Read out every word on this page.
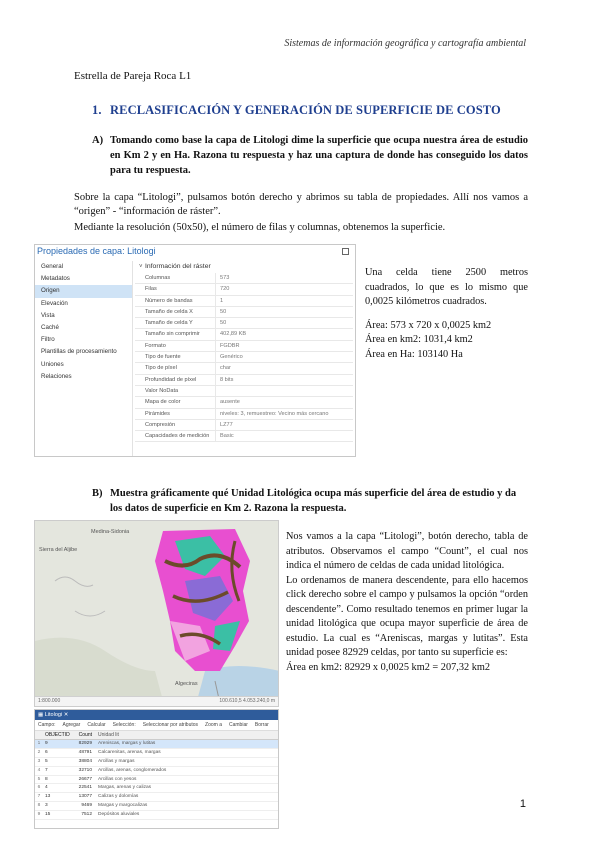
Sistemas de información geográfica y cartografía ambiental
Estrella de Pareja Roca L1
1. RECLASIFICACIÓN Y GENERACIÓN DE SUPERFICIE DE COSTO
A) Tomando como base la capa de Litologi dime la superficie que ocupa nuestra área de estudio en Km 2 y en Ha. Razona tu respuesta y haz una captura de donde has conseguido los datos para tu respuesta.
Sobre la capa “Litologi”, pulsamos botón derecho y abrimos su tabla de propiedades. Allí nos vamos a “origen” - “información de ráster”.
Mediante la resolución (50x50), el número de filas y columnas, obtenemos la superficie.
Propiedades de capa: Litologi
General
Metadatos
Origen
Elevación
Vista
Caché
Filtro
Plantillas de procesamiento
Uniones
Relaciones
˅ Información del ráster
Columnas	573
Filas	720
Número de bandas	1
Tamaño de celda X	50
Tamaño de celda Y	50
Tamaño sin comprimir	402,89 KB
Formato	FGDBR
Tipo de fuente	Genérico
Tipo de píxel	char
Profundidad de píxel	8 bits
Valor NoData
Mapa de color	ausente
Pirámides	niveles: 3, remuestreo: Vecino más cercano
Compresión	LZ77
Capacidades de medición	Basic
Una celda tiene 2500 metros cuadrados, lo que es lo mismo que 0,0025 kilómetros cuadrados.
Área: 573 x 720 x 0,0025 km2
Área en km2: 1031,4 km2
Área en Ha: 103140 Ha
B) Muestra gráficamente qué Unidad Litológica ocupa más superficie del área de estudio y da los datos de superficie en Km 2. Razona la respuesta.
Sierra del Aljibe
Medina-Sidonia
Algeciras
1:800.000	100.610,5 4.053.240,0 m
▦ Litologi ✕
Campo: Agregar Calcular Selección: Seleccionar por atributos Zoom a Cambiar Borrar
OBJECTID	Count	Unidad lit
1 9	82929	Areniscas, margas y lutitas
2 6	48791	Calcarenitas, arenas, margas
3 5	38804	Arcillas y margas
4 7	32710	Arcillas, arenas, conglomerados
5 8	26677	Arcillas con yesos
6 4	22541	Margas, arenas y calizas
7 13	13077	Calizas y dolomías
8 3	9469	Margas y margocalizas
9 15	7512	Depósitos aluviales
Nos vamos a la capa “Litologi”, botón derecho, tabla de atributos. Observamos el campo “Count”, el cual nos indica el número de celdas de cada unidad litológica.
Lo ordenamos de manera descendente, para ello hacemos click derecho sobre el campo y pulsamos la opción “orden descendente”. Como resultado tenemos en primer lugar la unidad litológica que ocupa mayor superficie de área de estudio. La cual es “Areniscas, margas y lutitas”. Esta unidad posee 82929 celdas, por tanto su superficie es:
Área en km2: 82929 x 0,0025 km2 = 207,32 km2
1
